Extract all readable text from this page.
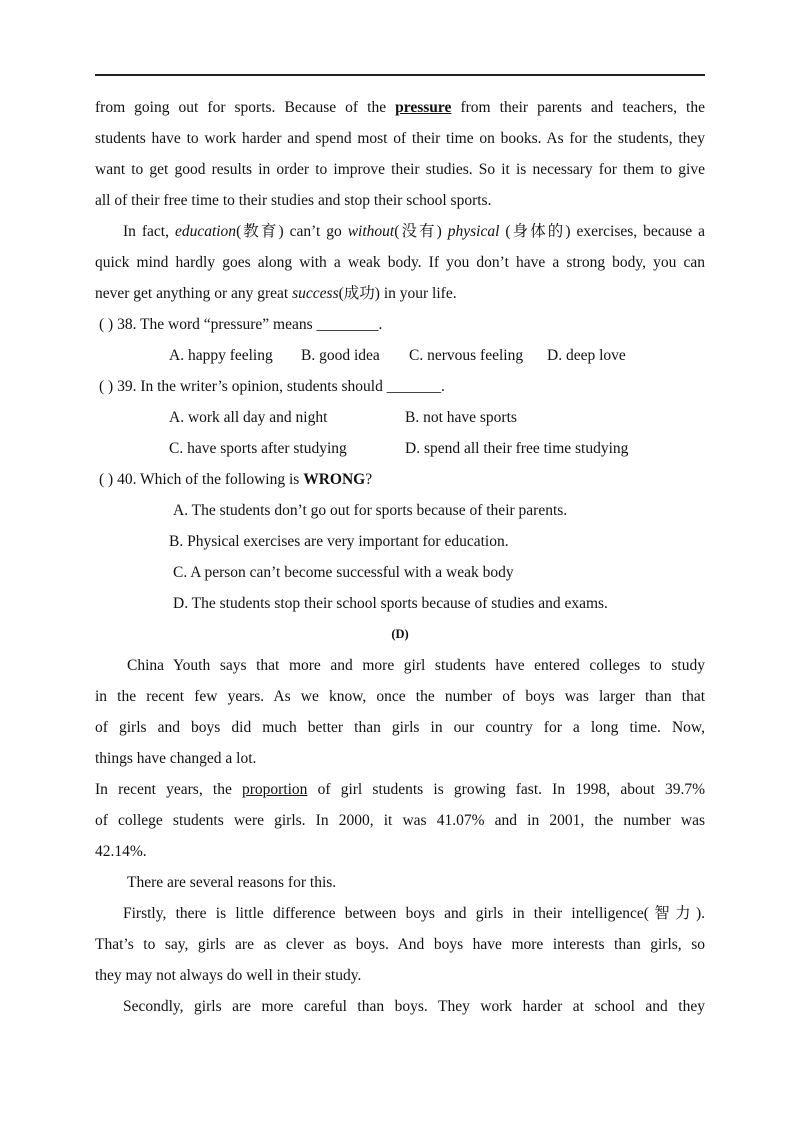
from going out for sports. Because of the pressure from their parents and teachers, the
students have to work harder and spend most of their time on books. As for the students, they
want to get good results in order to improve their studies. So it is necessary for them to give
all of their free time to their studies and stop their school sports.
In fact, education(教育) can’t go without(没有) physical (身体的) exercises, because a
quick mind hardly goes along with a weak body. If you don’t have a strong body, you can
never get anything or any great success(成功) in your life.
( ) 38. The word “pressure” means ________.
A. happy feeling B. good idea C. nervous feeling D. deep love
( ) 39. In the writer’s opinion, students should _______.
A. work all day and night	B. not have sports
C. have sports after studying	D. spend all their free time studying
( ) 40. Which of the following is WRONG?
A. The students don’t go out for sports because of their parents.
B. Physical exercises are very important for education.
C. A person can’t become successful with a weak body
D. The students stop their school sports because of studies and exams.
(D)
China Youth says that more and more girl students have entered colleges to study
in the recent few years. As we know, once the number of boys was larger than that
of girls and boys did much better than girls in our country for a long time. Now,
things have changed a lot.
In recent years, the proportion of girl students is growing fast. In 1998, about 39.7%
of college students were girls. In 2000, it was 41.07% and in 2001, the number was
42.14%.
There are several reasons for this.
Firstly, there is little difference between boys and girls in their intelligence(智力).
That’s to say, girls are as clever as boys. And boys have more interests than girls, so
they may not always do well in their study.
Secondly, girls are more careful than boys. They work harder at school and they
